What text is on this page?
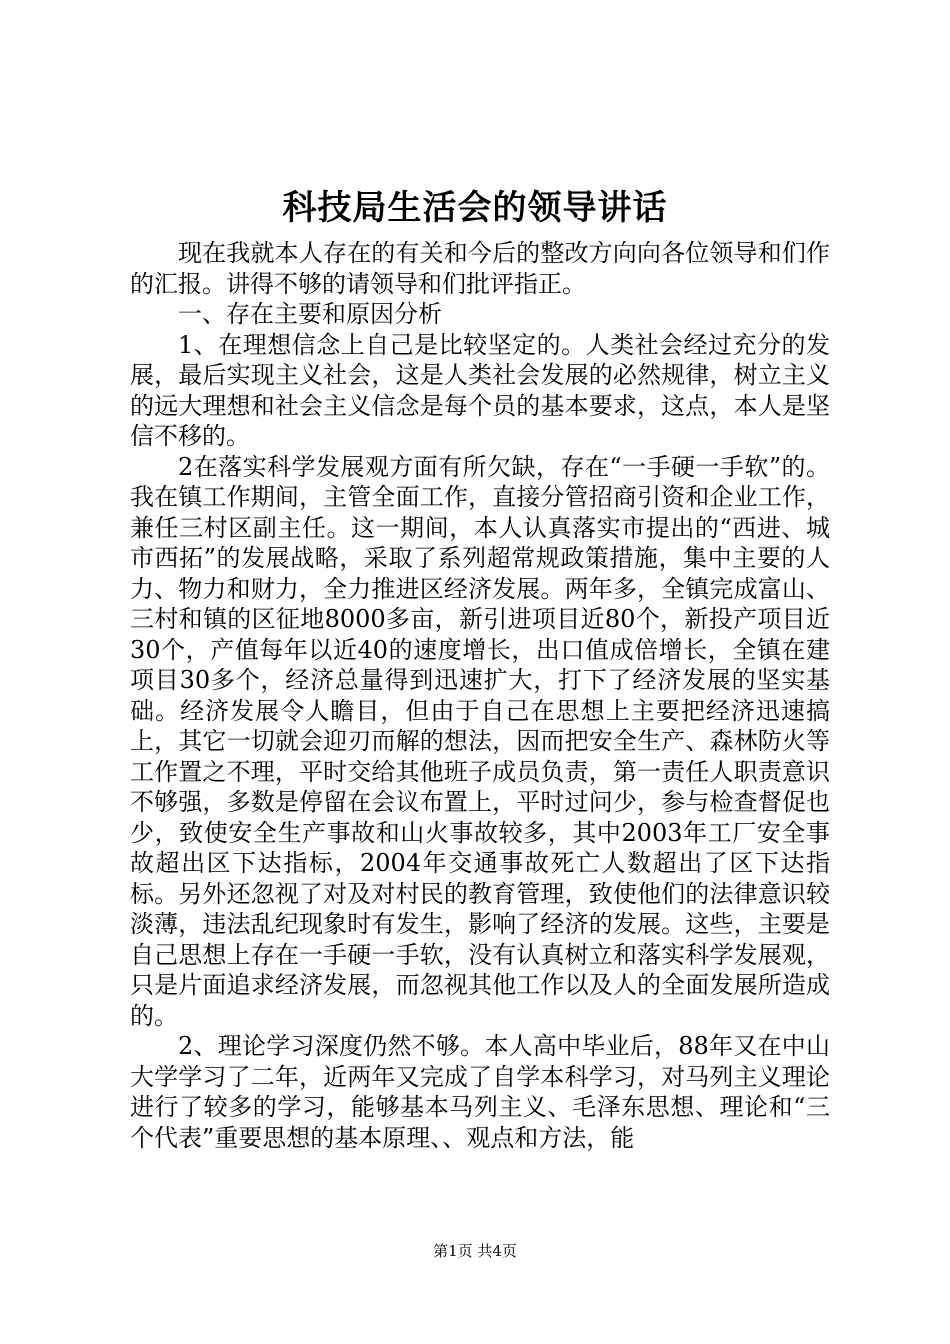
科技局生活会的领导讲话

现在我就本人存在的有关和今后的整改方向向各位领导和们作的汇报。讲得不够的请领导和们批评指正。

一、存在主要和原因分析

1、在理想信念上自己是比较坚定的。人类社会经过充分的发展，最后实现主义社会，这是人类社会发展的必然规律，树立主义的远大理想和社会主义信念是每个员的基本要求，这点，本人是坚信不移的。

2在落实科学发展观方面有所欠缺，存在“一手硬一手软”的。我在镇工作期间，主管全面工作，直接分管招商引资和企业工作，兼任三村区副主任。这一期间，本人认真落实市提出的“西进、城市西拓”的发展战略，采取了系列超常规政策措施，集中主要的人力、物力和财力，全力推进区经济发展。两年多，全镇完成富山、三村和镇的区征地8000多亩，新引进项目近80个，新投产项目近30个，产值每年以近40的速度增长，出口值成倍增长，全镇在建项目30多个，经济总量得到迅速扩大，打下了经济发展的坚实基础。经济发展令人瞻目，但由于自己在思想上主要把经济迅速搞上，其它一切就会迎刃而解的想法，因而把安全生产、森林防火等工作置之不理，平时交给其他班子成员负责，第一责任人职责意识不够强，多数是停留在会议布置上，平时过问少，参与检查督促也少，致使安全生产事故和山火事故较多，其中2003年工厂安全事故超出区下达指标，2004年交通事故死亡人数超出了区下达指标。另外还忽视了对及对村民的教育管理，致使他们的法律意识较淡薄，违法乱纪现象时有发生，影响了经济的发展。这些，主要是自己思想上存在一手硬一手软，没有认真树立和落实科学发展观，只是片面追求经济发展，而忽视其他工作以及人的全面发展所造成的。

2、理论学习深度仍然不够。本人高中毕业后，88年又在中山大学学习了二年，近两年又完成了自学本科学习，对马列主义理论进行了较多的学习，能够基本马列主义、毛泽东思想、理论和“三个代表”重要思想的基本原理、、观点和方法，能

第1页 共4页
